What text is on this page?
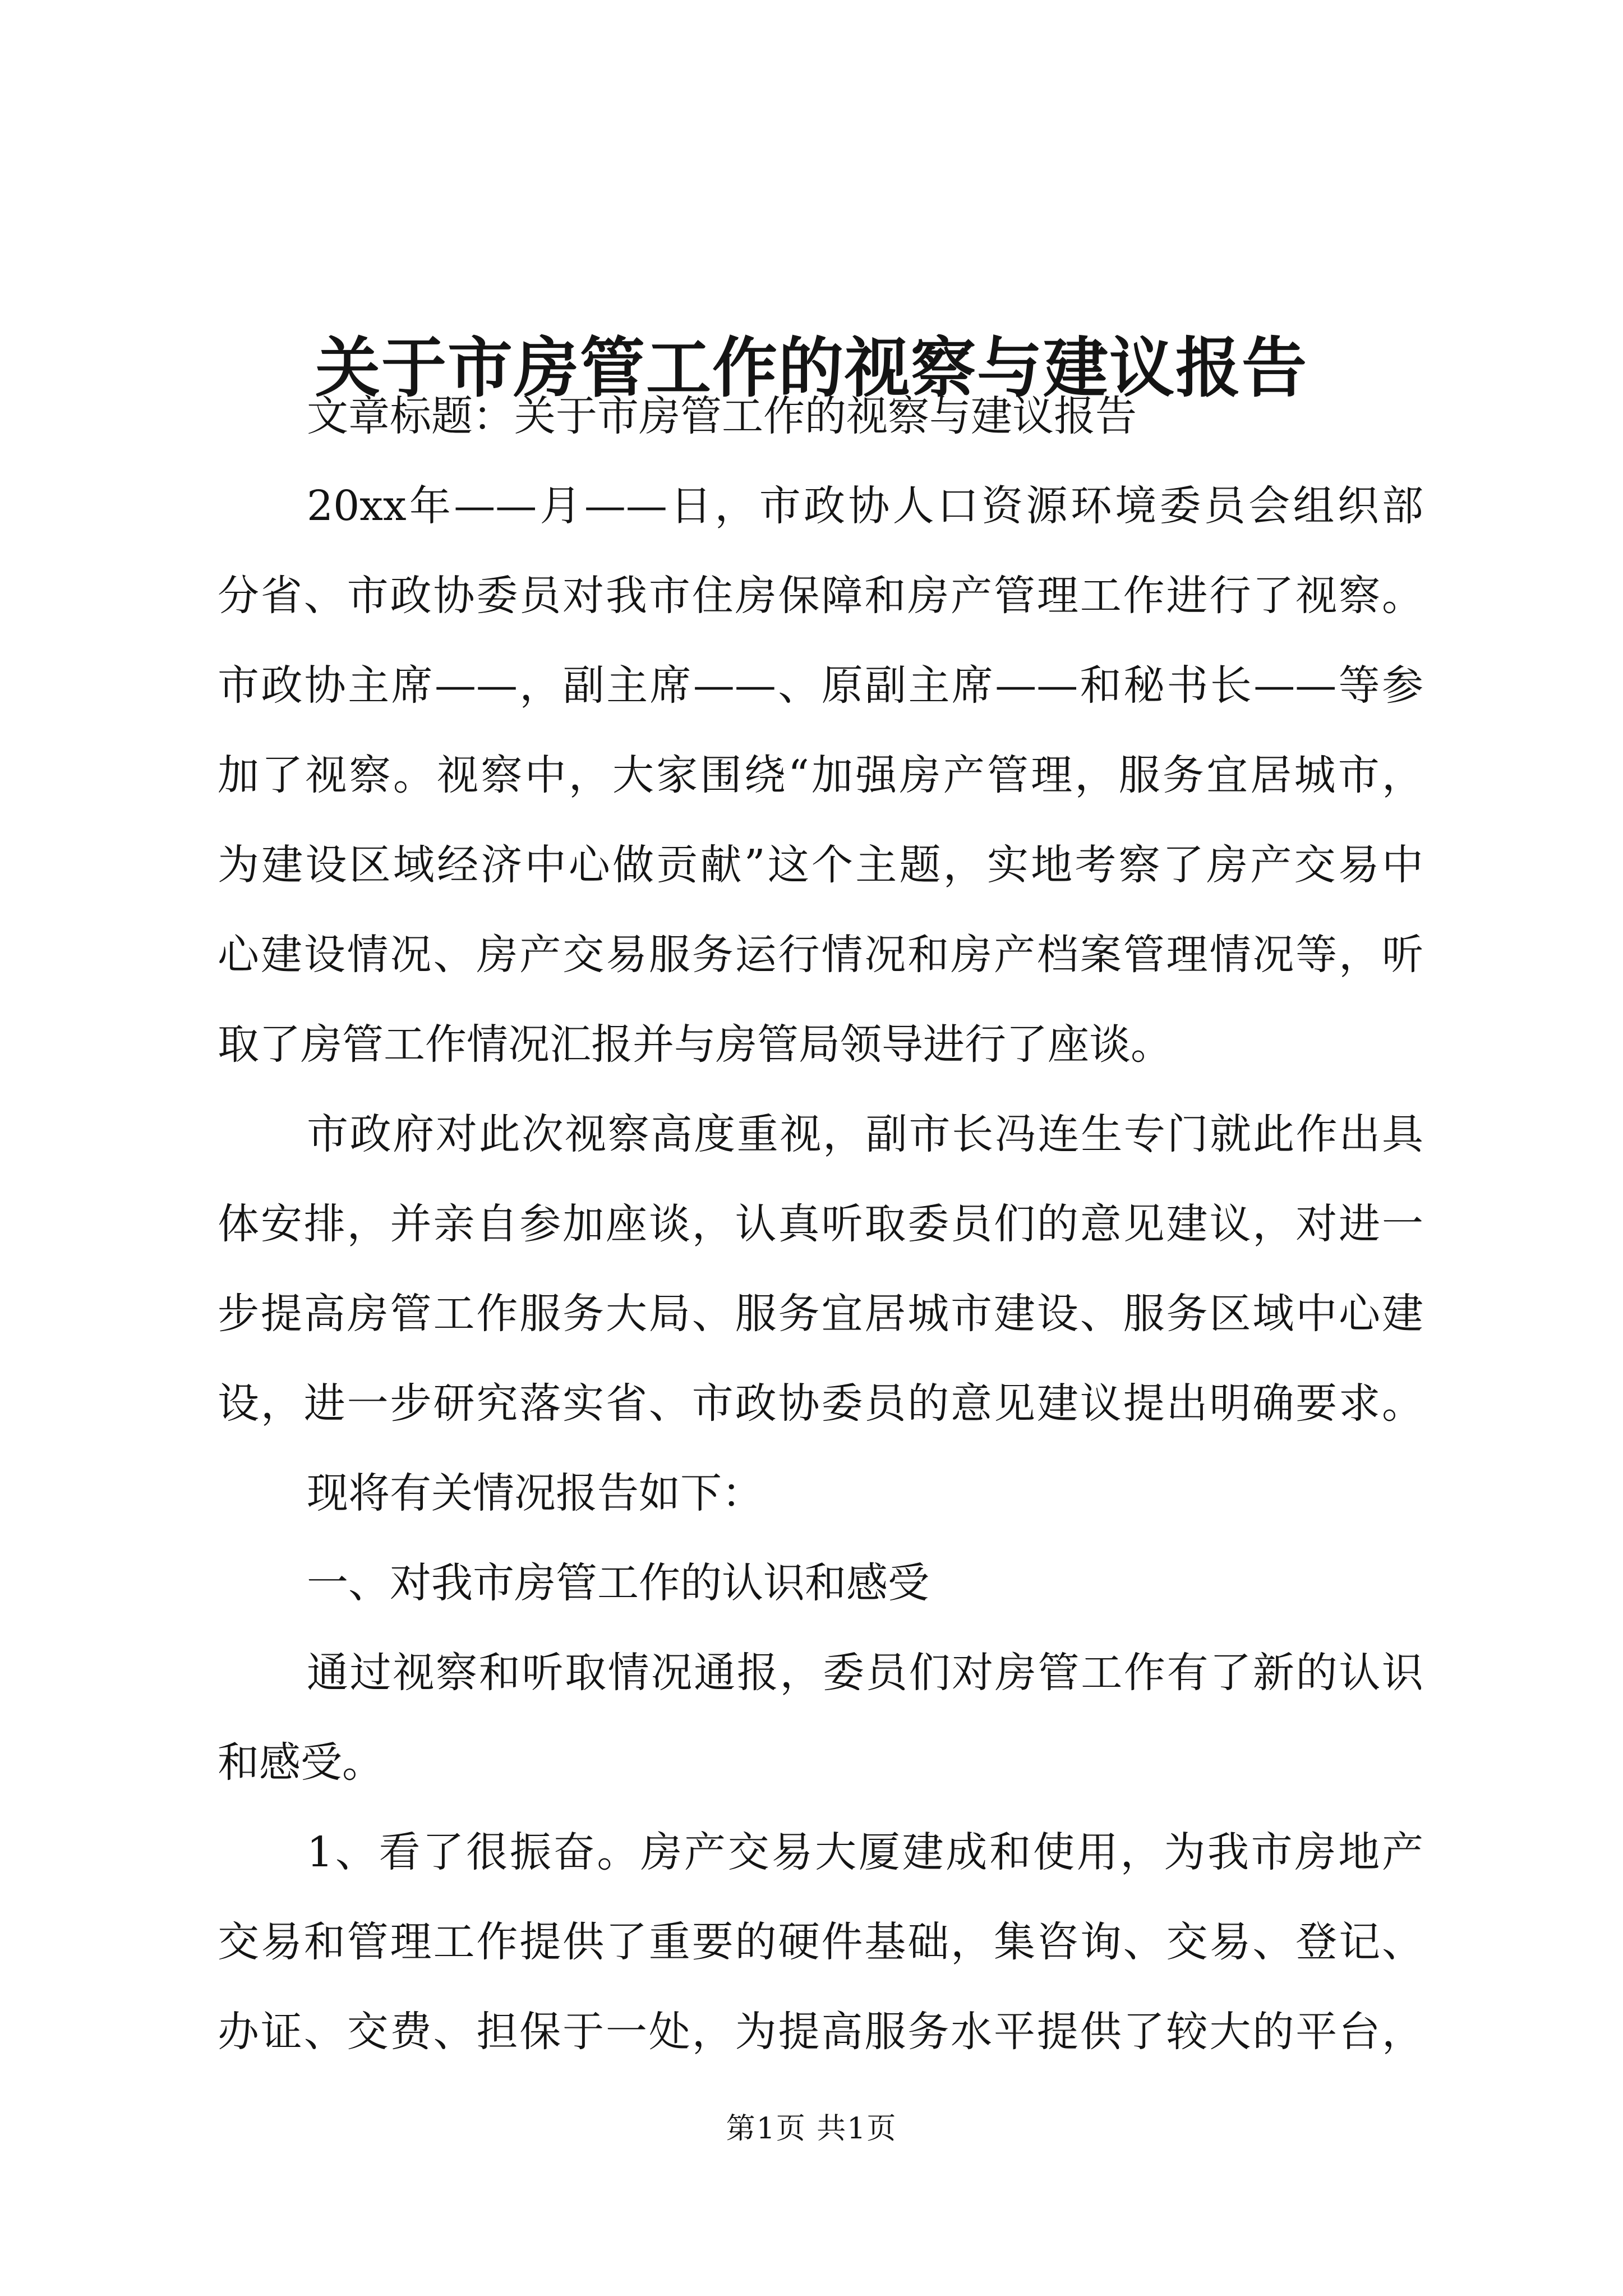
关于市房管工作的视察与建议报告
文章标题：关于市房管工作的视察与建议报告
20xx年——月——日，市政协人口资源环境委员会组织部
分省、市政协委员对我市住房保障和房产管理工作进行了视察。
市政协主席——，副主席——、原副主席——和秘书长——等参
加了视察。视察中，大家围绕“加强房产管理，服务宜居城市，
为建设区域经济中心做贡献”这个主题，实地考察了房产交易中
心建设情况、房产交易服务运行情况和房产档案管理情况等，听
取了房管工作情况汇报并与房管局领导进行了座谈。
市政府对此次视察高度重视，副市长冯连生专门就此作出具
体安排，并亲自参加座谈，认真听取委员们的意见建议，对进一
步提高房管工作服务大局、服务宜居城市建设、服务区域中心建
设，进一步研究落实省、市政协委员的意见建议提出明确要求。
现将有关情况报告如下：
一、对我市房管工作的认识和感受
通过视察和听取情况通报，委员们对房管工作有了新的认识
和感受。
1、看了很振奋。房产交易大厦建成和使用，为我市房地产
交易和管理工作提供了重要的硬件基础，集咨询、交易、登记、
办证、交费、担保于一处，为提高服务水平提供了较大的平台，
第1页 共1页
